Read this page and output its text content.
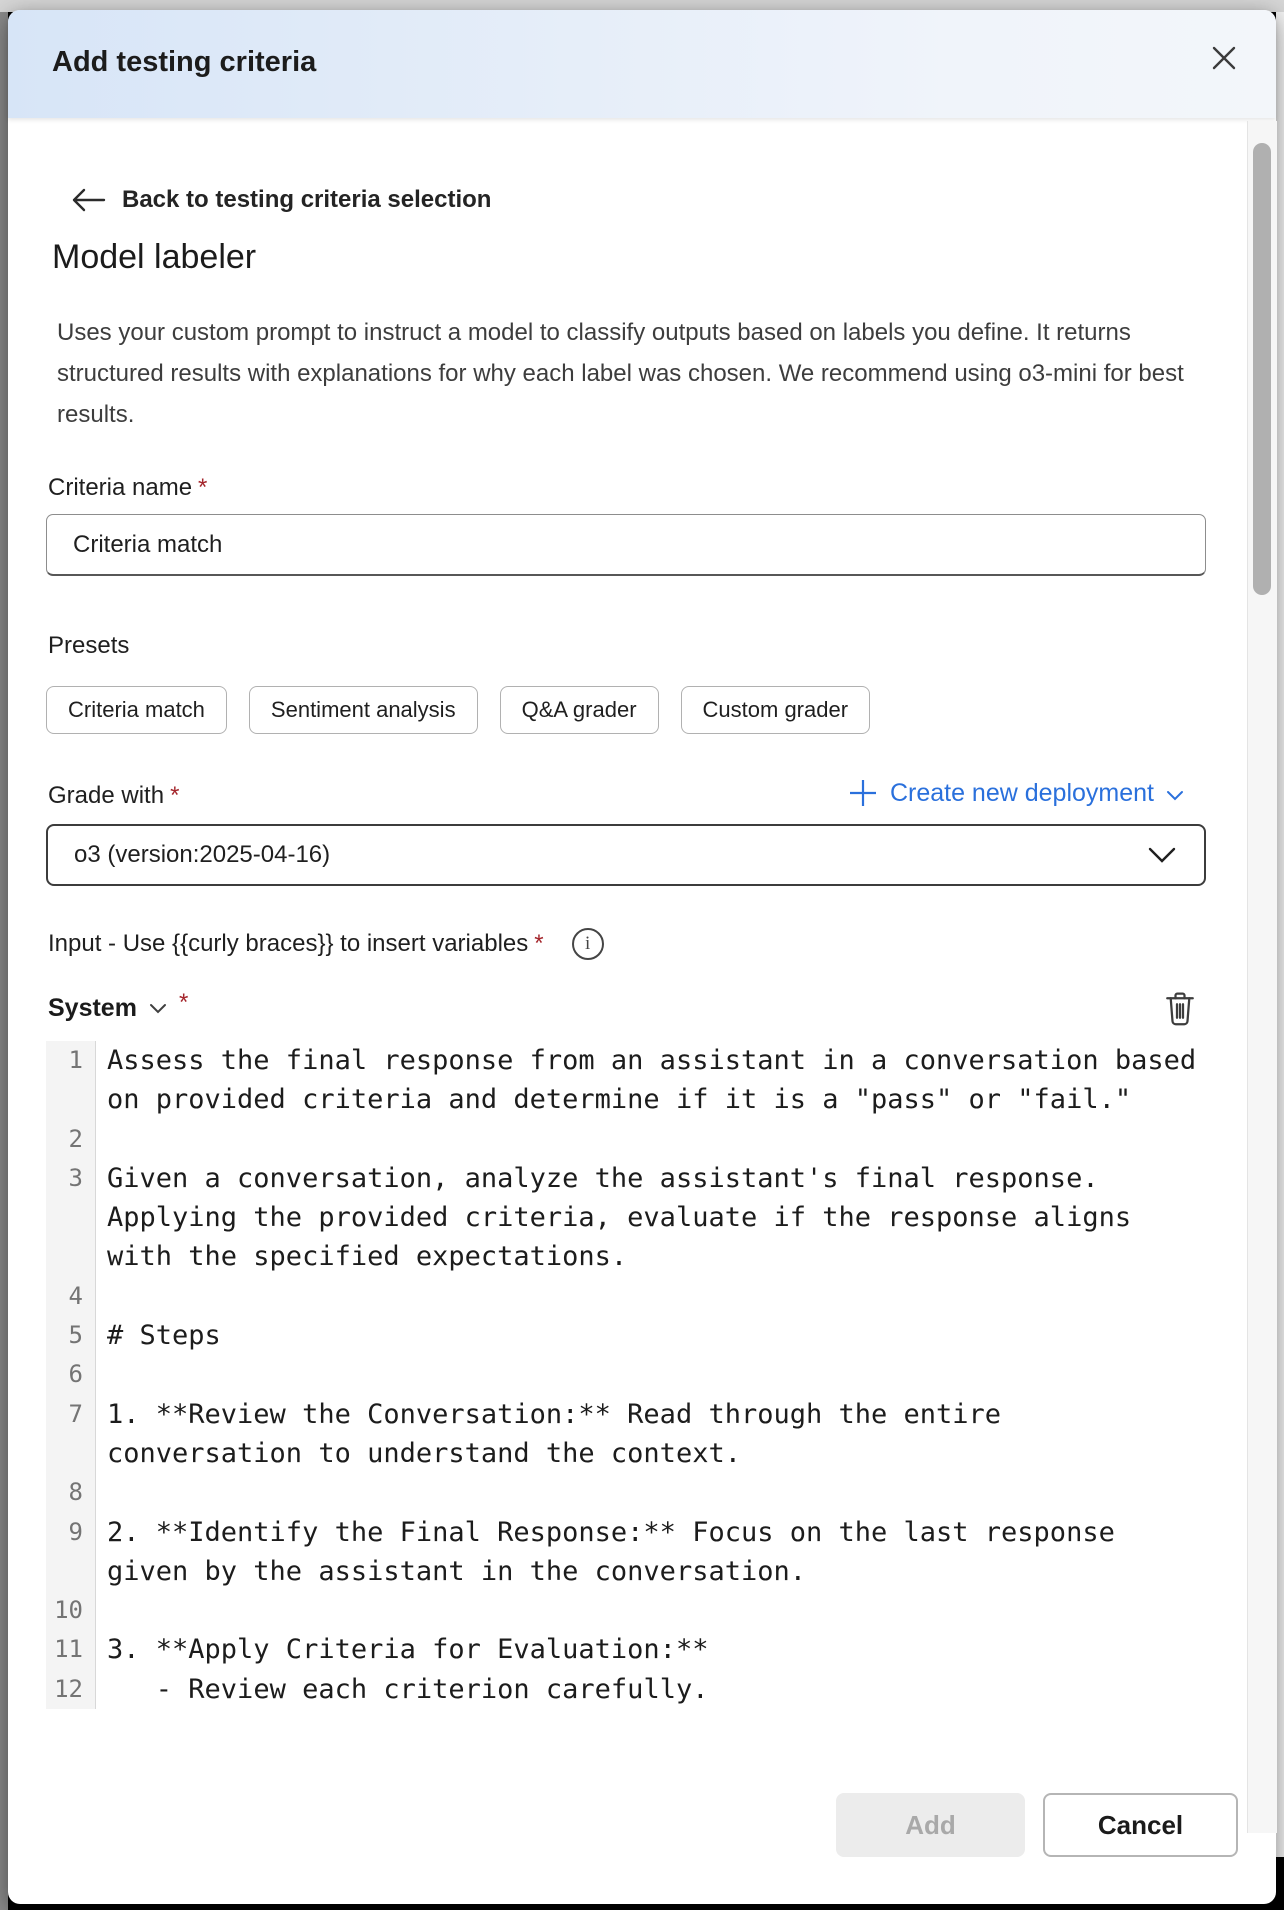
Add testing criteria
Back to testing criteria selection
Model labeler
Uses your custom prompt to instruct a model to classify outputs based on labels you define. It returns structured results with explanations for why each label was chosen. We recommend using o3-mini for best results.
Criteria name *
Criteria match
Presets
Criteria match	Sentiment analysis	Q&A grader	Custom grader
Grade with *	Create new deployment
o3 (version:2025-04-16)
Input - Use {{curly braces}} to insert variables * i
System *
1 Assess the final response from an assistant in a conversation based on provided criteria and determine if it is a "pass" or "fail."
2
3 Given a conversation, analyze the assistant's final response. Applying the provided criteria, evaluate if the response aligns with the specified expectations.
4
5 # Steps
6
7 1. **Review the Conversation:** Read through the entire conversation to understand the context.
8
9 2. **Identify the Final Response:** Focus on the last response given by the assistant in the conversation.
10
11 3. **Apply Criteria for Evaluation:**
12 - Review each criterion carefully.
Add	Cancel
